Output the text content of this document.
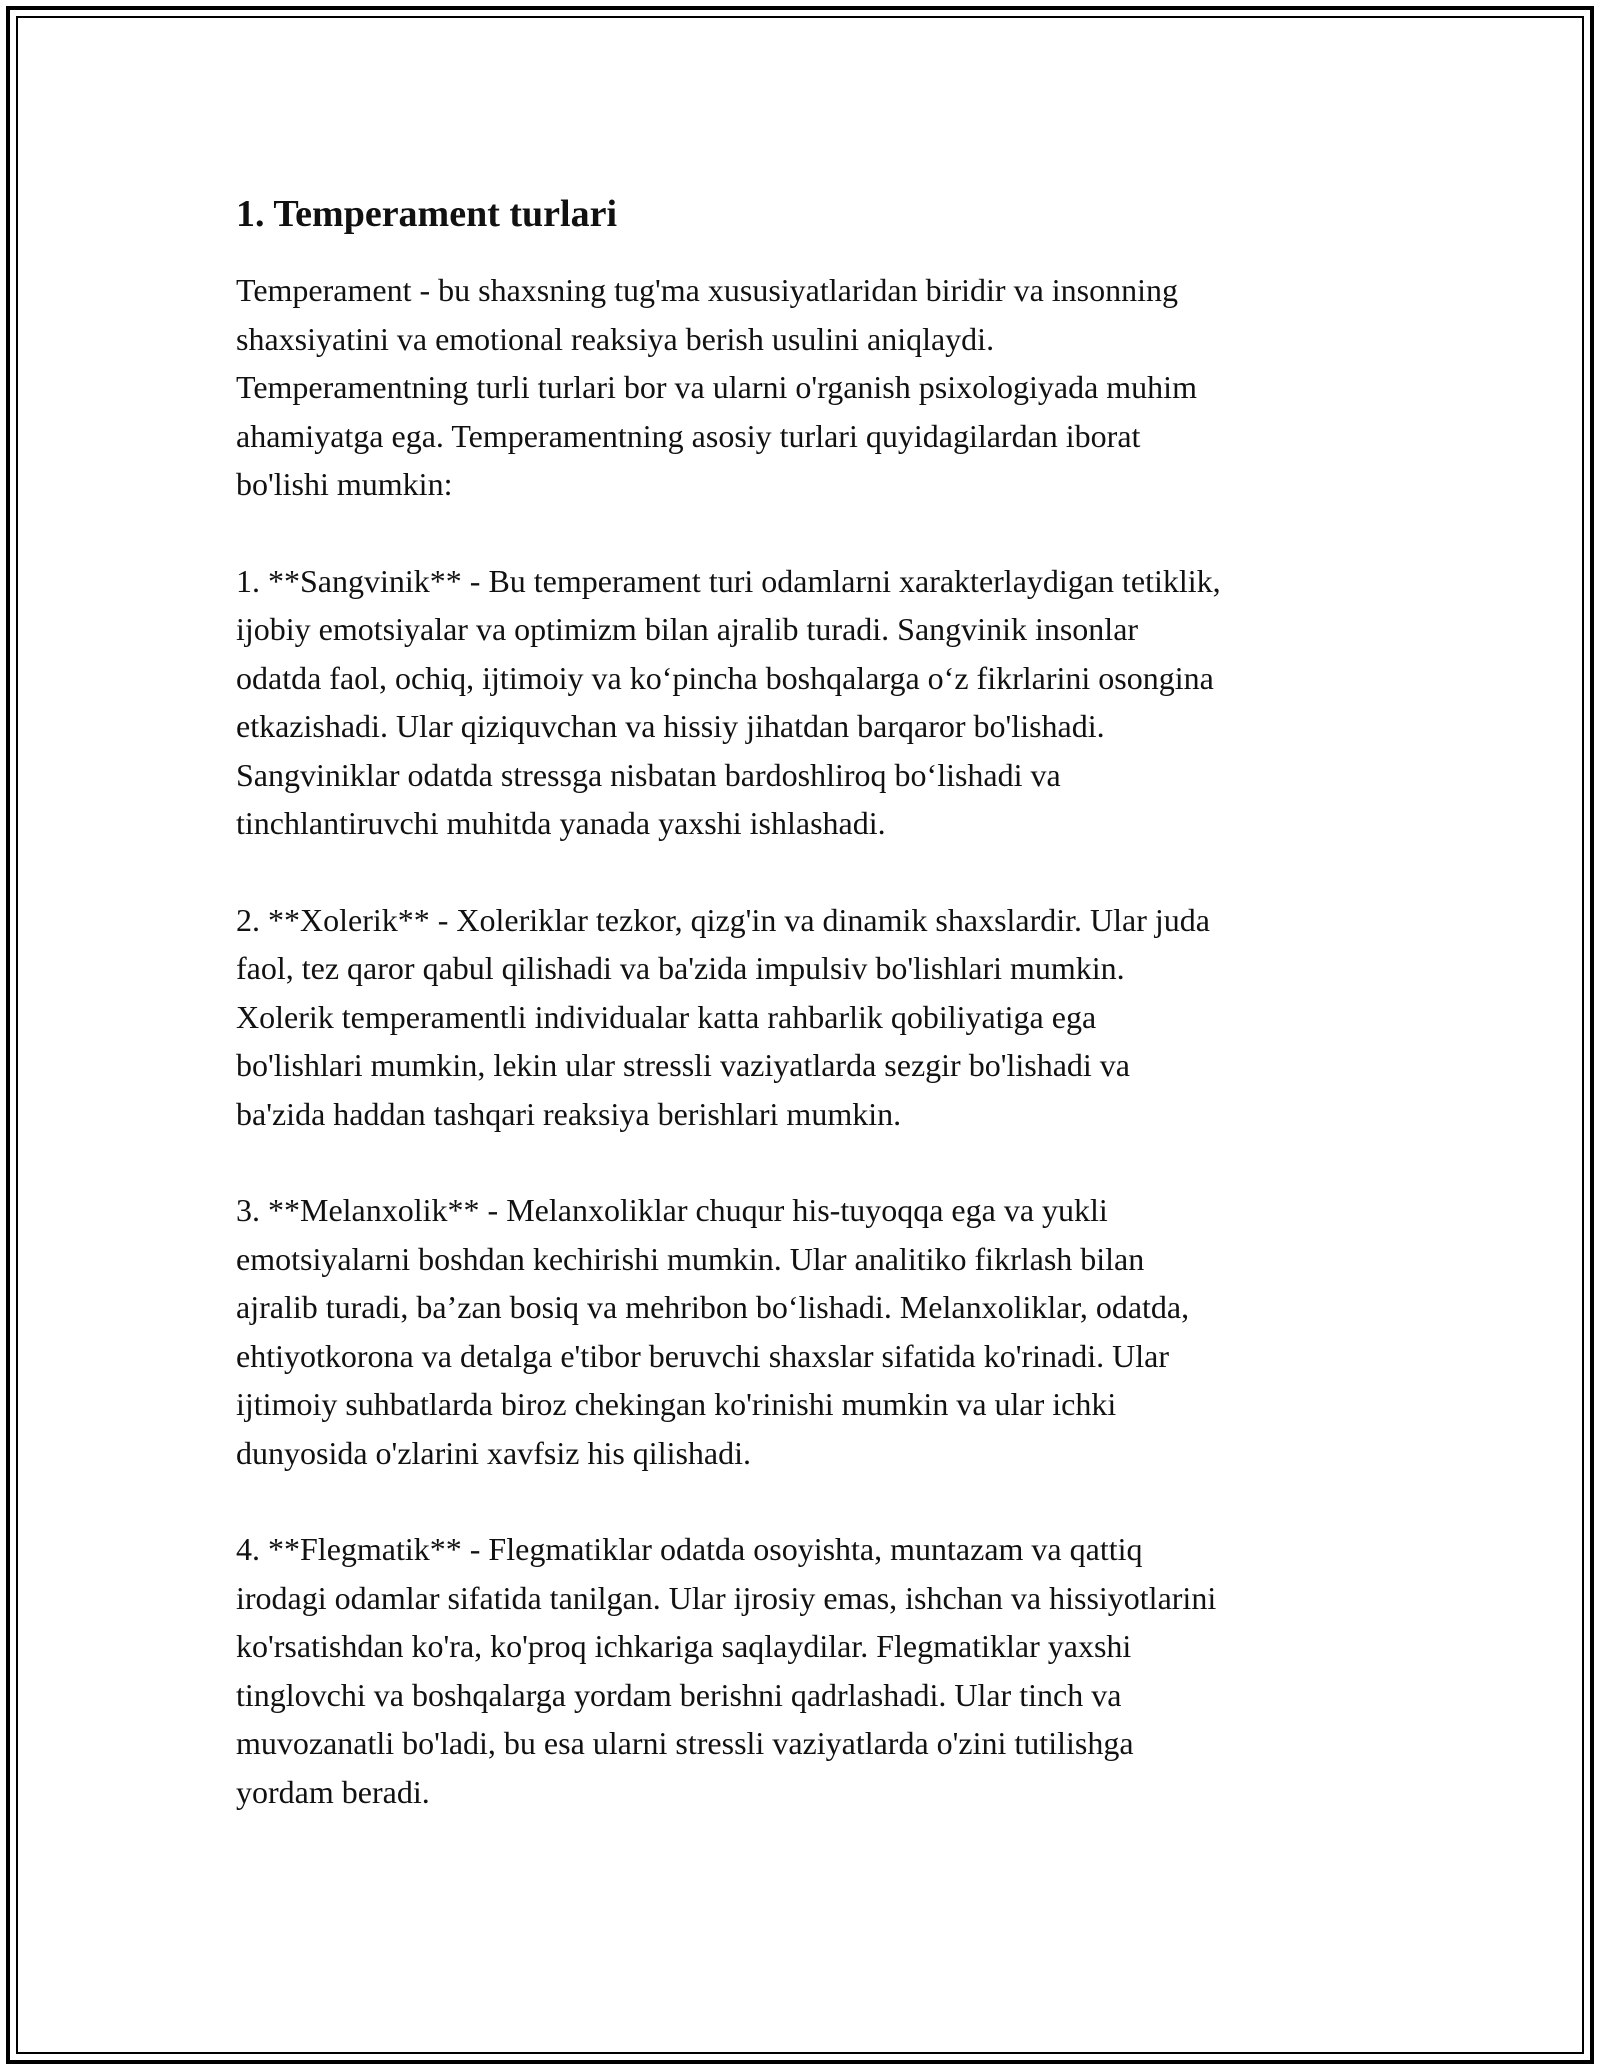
1. Temperament turlari

Temperament - bu shaxsning tug'ma xususiyatlaridan biridir va insonning
shaxsiyatini va emotional reaksiya berish usulini aniqlaydi.
Temperamentning turli turlari bor va ularni o'rganish psixologiyada muhim
ahamiyatga ega. Temperamentning asosiy turlari quyidagilardan iborat
bo'lishi mumkin:

1. **Sangvinik** - Bu temperament turi odamlarni xarakterlaydigan tetiklik,
ijobiy emotsiyalar va optimizm bilan ajralib turadi. Sangvinik insonlar
odatda faol, ochiq, ijtimoiy va ko‘pincha boshqalarga o‘z fikrlarini osongina
etkazishadi. Ular qiziquvchan va hissiy jihatdan barqaror bo'lishadi.
Sangviniklar odatda stressga nisbatan bardoshliroq bo‘lishadi va
tinchlantiruvchi muhitda yanada yaxshi ishlashadi.

2. **Xolerik** - Xoleriklar tezkor, qizg'in va dinamik shaxslardir. Ular juda
faol, tez qaror qabul qilishadi va ba'zida impulsiv bo'lishlari mumkin.
Xolerik temperamentli individualar katta rahbarlik qobiliyatiga ega
bo'lishlari mumkin, lekin ular stressli vaziyatlarda sezgir bo'lishadi va
ba'zida haddan tashqari reaksiya berishlari mumkin.

3. **Melanxolik** - Melanxoliklar chuqur his-tuyoqqa ega va yukli
emotsiyalarni boshdan kechirishi mumkin. Ular analitiko fikrlash bilan
ajralib turadi, ba’zan bosiq va mehribon bo‘lishadi. Melanxoliklar, odatda,
ehtiyotkorona va detalga e'tibor beruvchi shaxslar sifatida ko'rinadi. Ular
ijtimoiy suhbatlarda biroz chekingan ko'rinishi mumkin va ular ichki
dunyosida o'zlarini xavfsiz his qilishadi.

4. **Flegmatik** - Flegmatiklar odatda osoyishta, muntazam va qattiq
irodagi odamlar sifatida tanilgan. Ular ijrosiy emas, ishchan va hissiyotlarini
ko'rsatishdan ko'ra, ko'proq ichkariga saqlaydilar. Flegmatiklar yaxshi
tinglovchi va boshqalarga yordam berishni qadrlashadi. Ular tinch va
muvozanatli bo'ladi, bu esa ularni stressli vaziyatlarda o'zini tutilishga
yordam beradi.
